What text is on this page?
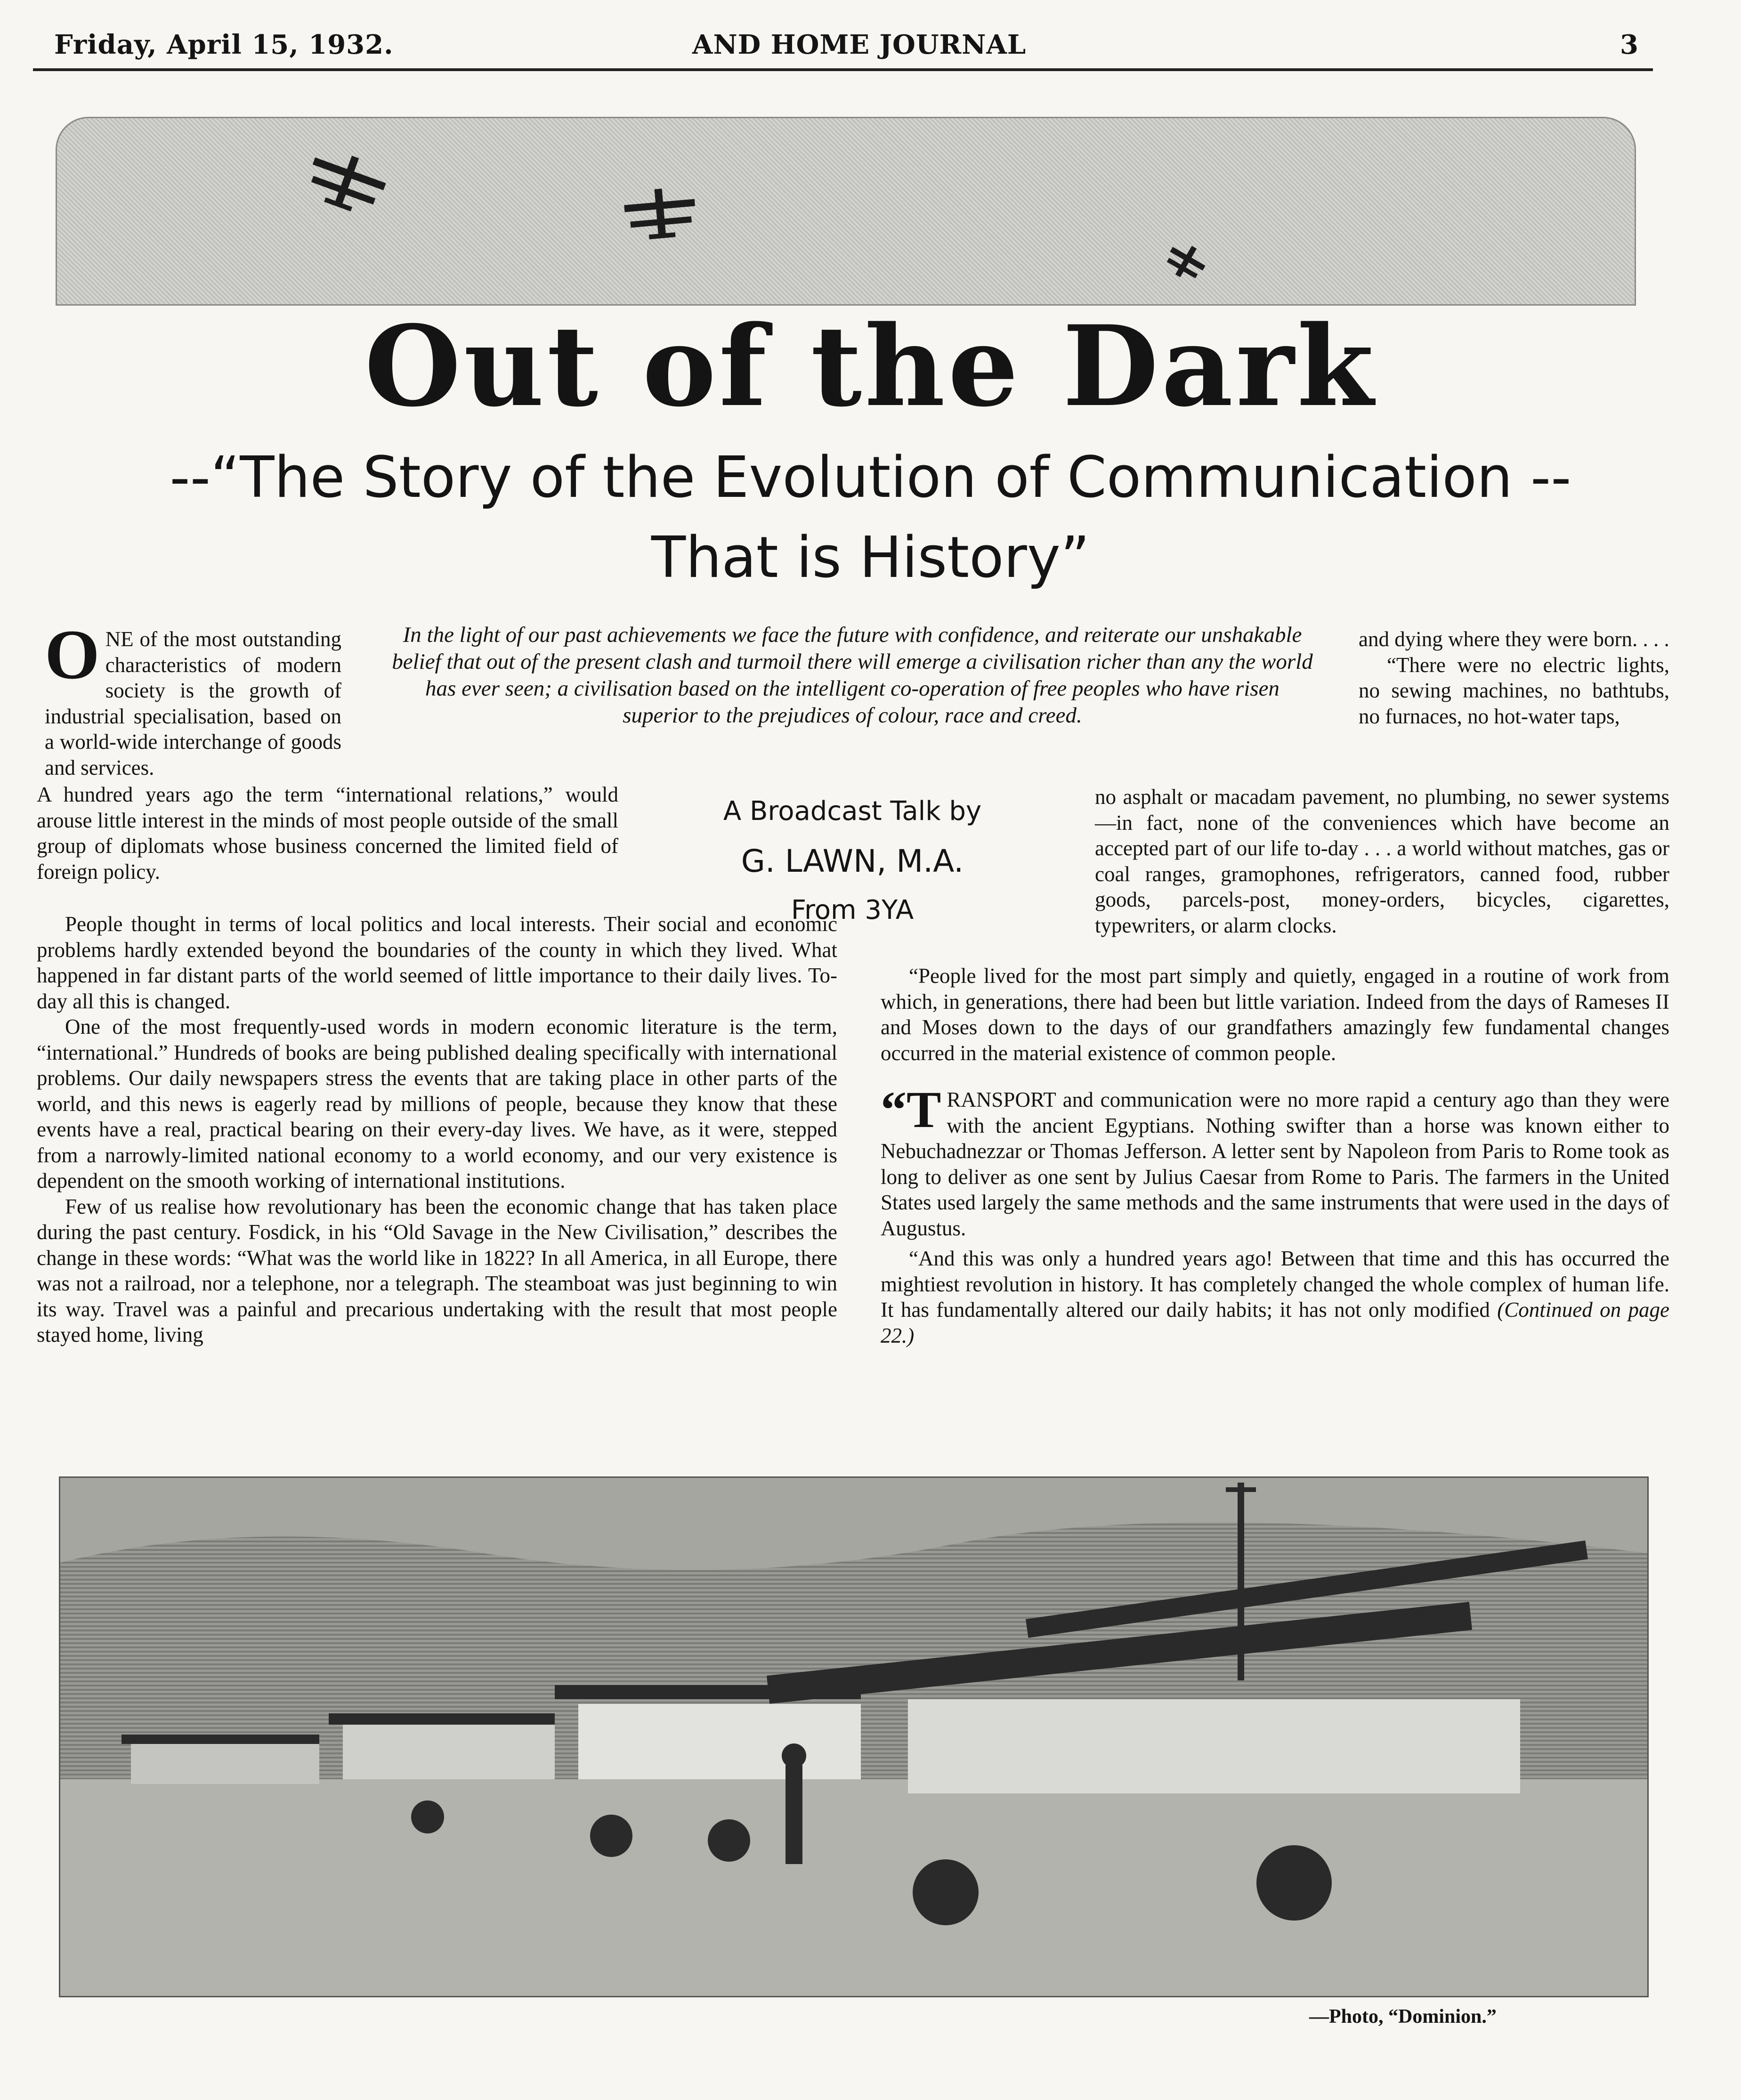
Friday, April 15, 1932.	AND HOME JOURNAL	3
Out of the Dark
--“The Story of the Evolution of Communication --
That is History”
In the light of our past achievements we face the future with confidence, and reiterate our unshakable belief that out of the present clash and turmoil there will emerge a civilisation richer than any the world has ever seen; a civilisation based on the intelligent co-operation of free peoples who have risen superior to the prejudices of colour, race and creed.
A Broadcast Talk by
G. LAWN, M.A.
From 3YA
O NE of the most outstanding characteristics of modern society is the growth of industrial specialisation, based on a world-wide interchange of goods and services.

A hundred years ago the term “international relations,” would arouse little interest in the minds of most people outside of the small group of diplomats whose business concerned the limited field of foreign policy.

People thought in terms of local politics and local interests. Their social and economic problems hardly extended beyond the boundaries of the county in which they lived. What happened in far distant parts of the world seemed of little importance to their daily lives. To-day all this is changed.

One of the most frequently-used words in modern economic literature is the term, “international.” Hundreds of books are being published dealing specifically with international problems. Our daily newspapers stress the events that are taking place in other parts of the world, and this news is eagerly read by millions of people, because they know that these events have a real, practical bearing on their every-day lives. We have, as it were, stepped from a narrowly-limited national economy to a world economy, and our very existence is dependent on the smooth working of international institutions.

Few of us realise how revolutionary has been the economic change that has taken place during the past century. Fosdick, in his “Old Savage in the New Civilisation,” describes the change in these words: “What was the world like in 1822? In all America, in all Europe, there was not a railroad, nor a telephone, nor a telegraph. The steamboat was just beginning to win its way. Travel was a painful and precarious undertaking with the result that most people stayed home, living

and dying where they were born. . . .

“There were no electric lights, no sewing machines, no bathtubs, no furnaces, no hot-water taps,

no asphalt or macadam pavement, no plumbing, no sewer systems—in fact, none of the conveniences which have become an accepted part of our life to-day . . . a world without matches, gas or coal ranges, gramophones, refrigerators, canned food, rubber goods, parcels-post, money-orders, bicycles, cigarettes, typewriters, or alarm clocks.

“People lived for the most part simply and quietly, engaged in a routine of work from which, in generations, there had been but little variation. Indeed from the days of Rameses II and Moses down to the days of our grandfathers amazingly few fundamental changes occurred in the material existence of common people.

“T RANSPORT and communication were no more rapid a century ago than they were with the ancient Egyptians. Nothing swifter than a horse was known either to Nebuchadnezzar or Thomas Jefferson. A letter sent by Napoleon from Paris to Rome took as long to deliver as one sent by Julius Caesar from Rome to Paris. The farmers in the United States used largely the same methods and the same instruments that were used in the days of Augustus.

“And this was only a hundred years ago! Between that time and this has occurred the mightiest revolution in history. It has completely changed the whole complex of human life. It has fundamentally altered our daily habits; it has not only modified (Continued on page 22.)

—Photo, “Dominion.”
